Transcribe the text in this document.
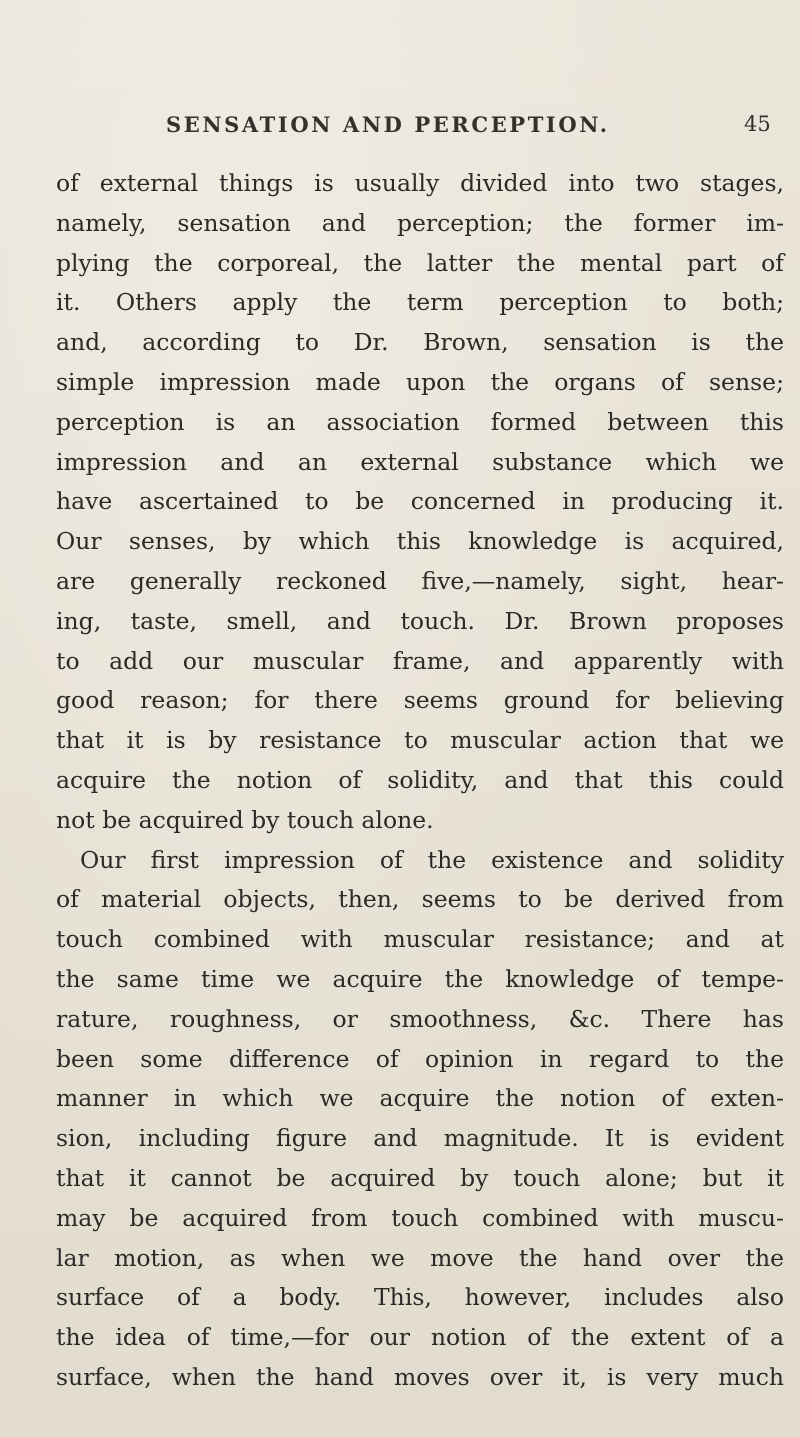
SENSATION AND PERCEPTION.	45
of external things is usually divided into two stages,
namely, sensation and perception; the former im-
plying the corporeal, the latter the mental part of
it. Others apply the term perception to both;
and, according to Dr. Brown, sensation is the
simple impression made upon the organs of sense;
perception is an association formed between this
impression and an external substance which we
have ascertained to be concerned in producing it.
Our senses, by which this knowledge is acquired,
are generally reckoned five,—namely, sight, hear-
ing, taste, smell, and touch. Dr. Brown proposes
to add our muscular frame, and apparently with
good reason; for there seems ground for believing
that it is by resistance to muscular action that we
acquire the notion of solidity, and that this could
not be acquired by touch alone.
Our first impression of the existence and solidity
of material objects, then, seems to be derived from
touch combined with muscular resistance; and at
the same time we acquire the knowledge of tempe-
rature, roughness, or smoothness, &c. There has
been some difference of opinion in regard to the
manner in which we acquire the notion of exten-
sion, including figure and magnitude. It is evident
that it cannot be acquired by touch alone; but it
may be acquired from touch combined with muscu-
lar motion, as when we move the hand over the
surface of a body. This, however, includes also
the idea of time,—for our notion of the extent of a
surface, when the hand moves over it, is very much
